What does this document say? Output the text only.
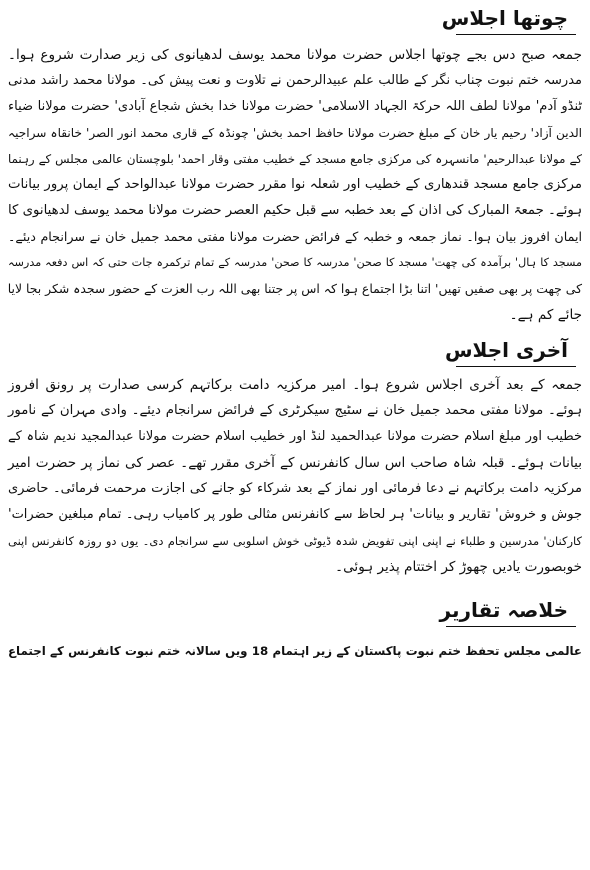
چوتھا اجلاس
جمعہ صبح دس بجے چوتھا اجلاس حضرت مولانا محمد یوسف لدھیانوی کی زیر صدارت شروع ہوا۔
مدرسہ ختم نبوت چناب نگر کے طالب علم عبیدالرحمن نے تلاوت و نعت پیش کی۔ مولانا محمد راشد مدنی
ٹنڈو آدم' مولانا لطف اللہ حرکۃ الجہاد الاسلامی' حضرت مولانا خدا بخش شجاع آبادی' حضرت مولانا ضیاء
الدین آزاد' رحیم یار خان کے مبلغ حضرت مولانا حافظ احمد بخش' چونڈہ کے قاری محمد انور الصر' خانقاہ سراجیہ
کے مولانا عبدالرحیم' مانسہرہ کی مرکزی جامع مسجد کے خطیب مفتی وقار احمد' بلوچستان عالمی مجلس کے رہنما
مرکزی جامع مسجد قندھاری کے خطیب اور شعلہ نوا مقرر حضرت مولانا عبدالواحد کے ایمان پرور بیانات
ہوئے۔ جمعۃ المبارک کی اذان کے بعد خطبہ سے قبل حکیم العصر حضرت مولانا محمد یوسف لدھیانوی کا
ایمان افروز بیان ہوا۔ نماز جمعہ و خطبہ کے فرائض حضرت مولانا مفتی محمد جمیل خان نے سرانجام دیئے۔
مسجد کا ہال' برآمدہ کی چھت' مسجد کا صحن' مدرسہ کا صحن' مدرسہ کے تمام ترکمرہ جات حتی کہ اس دفعہ مدرسہ
کی چھت پر بھی صفیں تھیں' اتنا بڑا اجتماع ہوا کہ اس پر جتنا بھی اللہ رب العزت کے حضور سجدہ شکر بجا لایا
جائے کم ہے۔
آخری اجلاس
جمعہ کے بعد آخری اجلاس شروع ہوا۔ امیر مرکزیہ دامت برکاتہم کرسی صدارت پر رونق افروز
ہوئے۔ مولانا مفتی محمد جمیل خان نے سٹیج سیکرٹری کے فرائض سرانجام دیئے۔ وادی مہران کے نامور
خطیب اور مبلغ اسلام حضرت مولانا عبدالحمید لنڈ اور خطیب اسلام حضرت مولانا عبدالمجید ندیم شاہ کے
بیانات ہوئے۔ قبلہ شاہ صاحب اس سال کانفرنس کے آخری مقرر تھے۔ عصر کی نماز پر حضرت امیر
مرکزیہ دامت برکاتہم نے دعا فرمائی اور نماز کے بعد شرکاء کو جانے کی اجازت مرحمت فرمائی۔ حاضری
جوش و خروش' تقاریر و بیانات' ہر لحاظ سے کانفرنس مثالی طور پر کامیاب رہی۔ تمام مبلغین حضرات'
کارکنان' مدرسین و طلباء نے اپنی اپنی تفویض شدہ ڈیوٹی خوش اسلوبی سے سرانجام دی۔ یوں دو روزہ کانفرنس اپنی
خوبصورت یادیں چھوڑ کر اختتام پذیر ہوئی۔
خلاصہ تقاریر
عالمی مجلس تحفظ ختم نبوت پاکستان کے زیر اہتمام 18 ویں سالانہ ختم نبوت کانفرنس کے اجتماع
